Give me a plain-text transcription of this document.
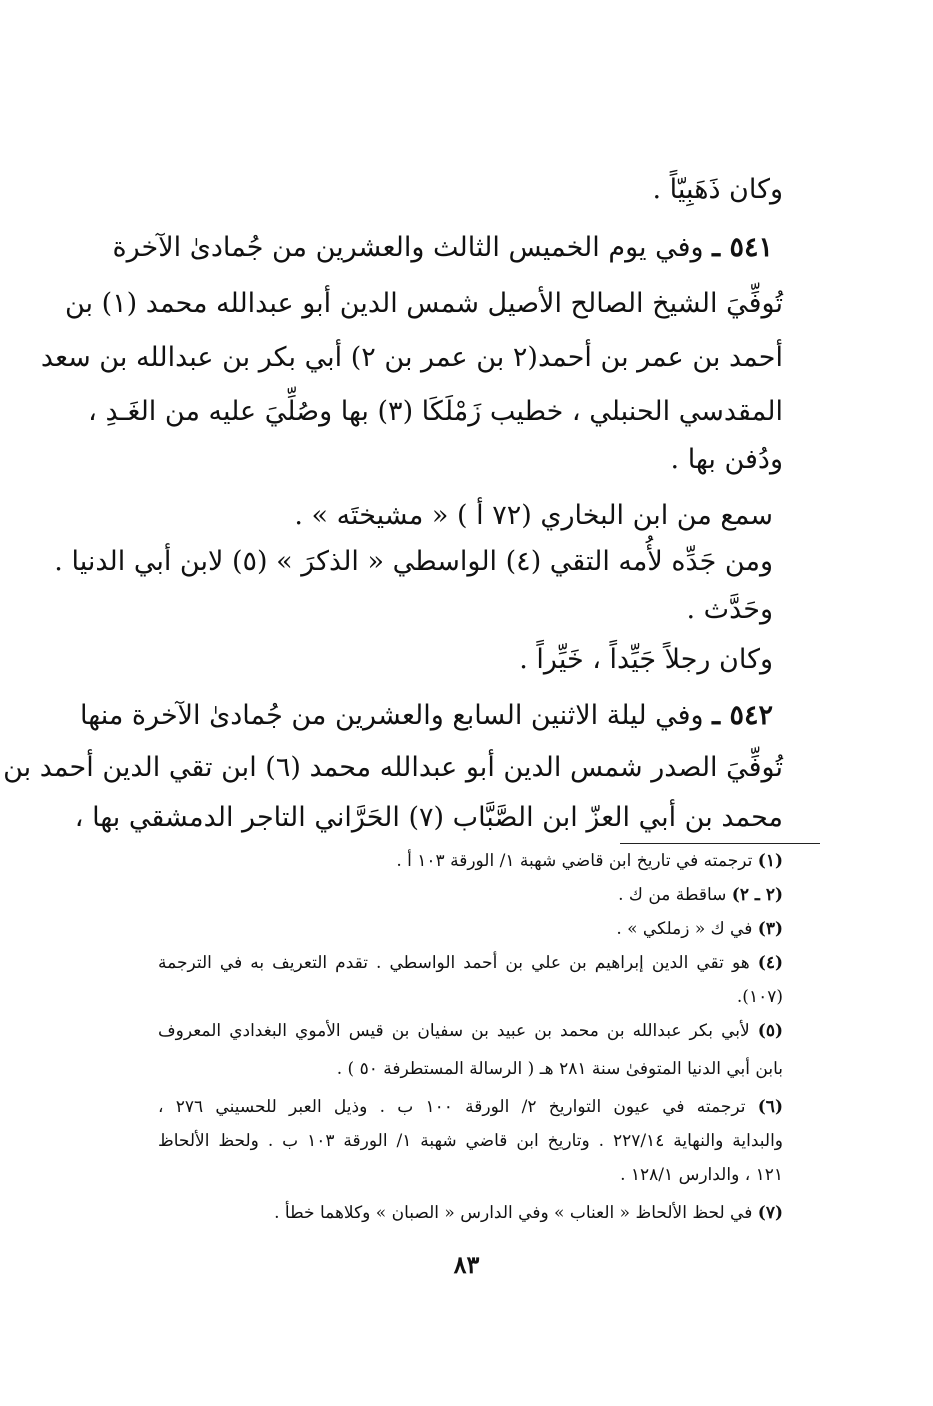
وكان ذَهَبِيّاً .
٥٤١ ـ وفي يوم الخميس الثالث والعشرين من جُمادىٰ الآخرة
تُوفِّيَ الشيخ الصالح الأصيل شمس الدين أبو عبدالله محمد (١) بن
أحمد بن عمر بن أحمد(٢ بن عمر بن ٢) أبي بكر بن عبدالله بن سعد
المقدسي الحنبلي ، خطيب زَمْلَكَا (٣) بها وصُلِّيَ عليه من الغَـدِ ،
ودُفن بها .
سمع من ابن البخاري (٧٢ أ ) « مشيختَه » .
ومن جَدِّه لأُمه التقي (٤) الواسطي « الذكرَ » (٥) لابن أبي الدنيا .
وحَدَّث .
وكان رجلاً جَيِّداً ، خَيِّراً .
٥٤٢ ـ وفي ليلة الاثنين السابع والعشرين من جُمادىٰ الآخرة منها
تُوفِّيَ الصدر شمس الدين أبو عبدالله محمد (٦) ابن تقي الدين أحمد بن
محمد بن أبي العزّ ابن الصَّبَّاب (٧) الحَرَّاني التاجر الدمشقي بها ،
(١) ترجمته في تاريخ ابن قاضي شهبة ١/ الورقة ١٠٣ أ .
(٢ ـ ٢) ساقطة من ك .
(٣) في ك « زملكي » .
(٤) هو تقي الدين إبراهيم بن علي بن أحمد الواسطي . تقدم التعريف به في الترجمة
(١٠٧).
(٥) لأبي بكر عبدالله بن محمد بن عبيد بن سفيان بن قيس الأموي البغدادي المعروف
بابن أبي الدنيا المتوفىٰ سنة ٢٨١ هـ ( الرسالة المستطرفة ٥٠ ) .
(٦) ترجمته في عيون التواريخ ٢/ الورقة ١٠٠ ب . وذيل العبر للحسيني ٢٧٦ ،
والبداية والنهاية ٢٢٧/١٤ . وتاريخ ابن قاضي شهبة ١/ الورقة ١٠٣ ب . ولحظ الألحاظ
١٢١ ، والدارس ١٢٨/١ .
(٧) في لحظ الألحاظ « العناب » وفي الدارس « الصبان » وكلاهما خطأ .
٨٣
